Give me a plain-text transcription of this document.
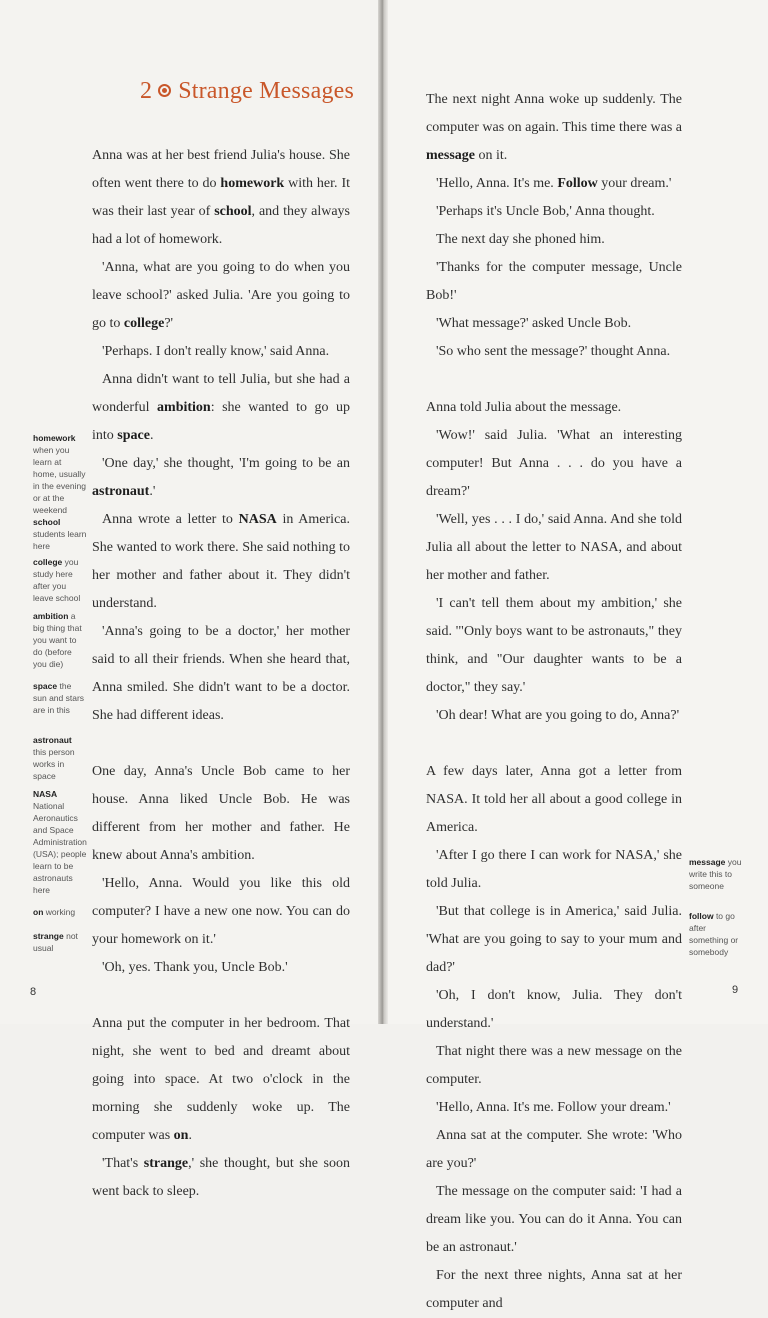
2 Strange Messages

Anna was at her best friend Julia's house. She often went there to do homework with her. It was their last year of school, and they always had a lot of homework.

'Anna, what are you going to do when you leave school?' asked Julia. 'Are you going to go to college?'

'Perhaps. I don't really know,' said Anna.

Anna didn't want to tell Julia, but she had a wonderful ambition: she wanted to go up into space.

'One day,' she thought, 'I'm going to be an astronaut.'

Anna wrote a letter to NASA in America. She wanted to work there. She said nothing to her mother and father about it. They didn't understand.

'Anna's going to be a doctor,' her mother said to all their friends. When she heard that, Anna smiled. She didn't want to be a doctor. She had different ideas.

One day, Anna's Uncle Bob came to her house. Anna liked Uncle Bob. He was different from her mother and father. He knew about Anna's ambition.

'Hello, Anna. Would you like this old computer? I have a new one now. You can do your homework on it.'

'Oh, yes. Thank you, Uncle Bob.'

Anna put the computer in her bedroom. That night, she went to bed and dreamt about going into space. At two o'clock in the morning she suddenly woke up. The computer was on.

'That's strange,' she thought, but she soon went back to sleep.

homework when you learn at home, usually in the evening or at the weekend
school students learn here
college you study here after you leave school
ambition a big thing that you want to do (before you die)
space the sun and stars are in this
astronaut this person works in space
NASA National Aeronautics and Space Administration (USA); people learn to be astronauts here
on working
strange not usual
8

The next night Anna woke up suddenly. The computer was on again. This time there was a message on it.

'Hello, Anna. It's me. Follow your dream.'

'Perhaps it's Uncle Bob,' Anna thought.

The next day she phoned him.

'Thanks for the computer message, Uncle Bob!'

'What message?' asked Uncle Bob.

'So who sent the message?' thought Anna.

Anna told Julia about the message.

'Wow!' said Julia. 'What an interesting computer! But Anna . . . do you have a dream?'

'Well, yes . . . I do,' said Anna. And she told Julia all about the letter to NASA, and about her mother and father.

'I can't tell them about my ambition,' she said. '"Only boys want to be astronauts," they think, and "Our daughter wants to be a doctor," they say.'

'Oh dear! What are you going to do, Anna?'

A few days later, Anna got a letter from NASA. It told her all about a good college in America.

'After I go there I can work for NASA,' she told Julia.

'But that college is in America,' said Julia. 'What are you going to say to your mum and dad?'

'Oh, I don't know, Julia. They don't understand.'

That night there was a new message on the computer.

'Hello, Anna. It's me. Follow your dream.'

Anna sat at the computer. She wrote: 'Who are you?'

The message on the computer said: 'I had a dream like you. You can do it Anna. You can be an astronaut.'

For the next three nights, Anna sat at her computer and

message you write this to someone
follow to go after something or somebody
9
